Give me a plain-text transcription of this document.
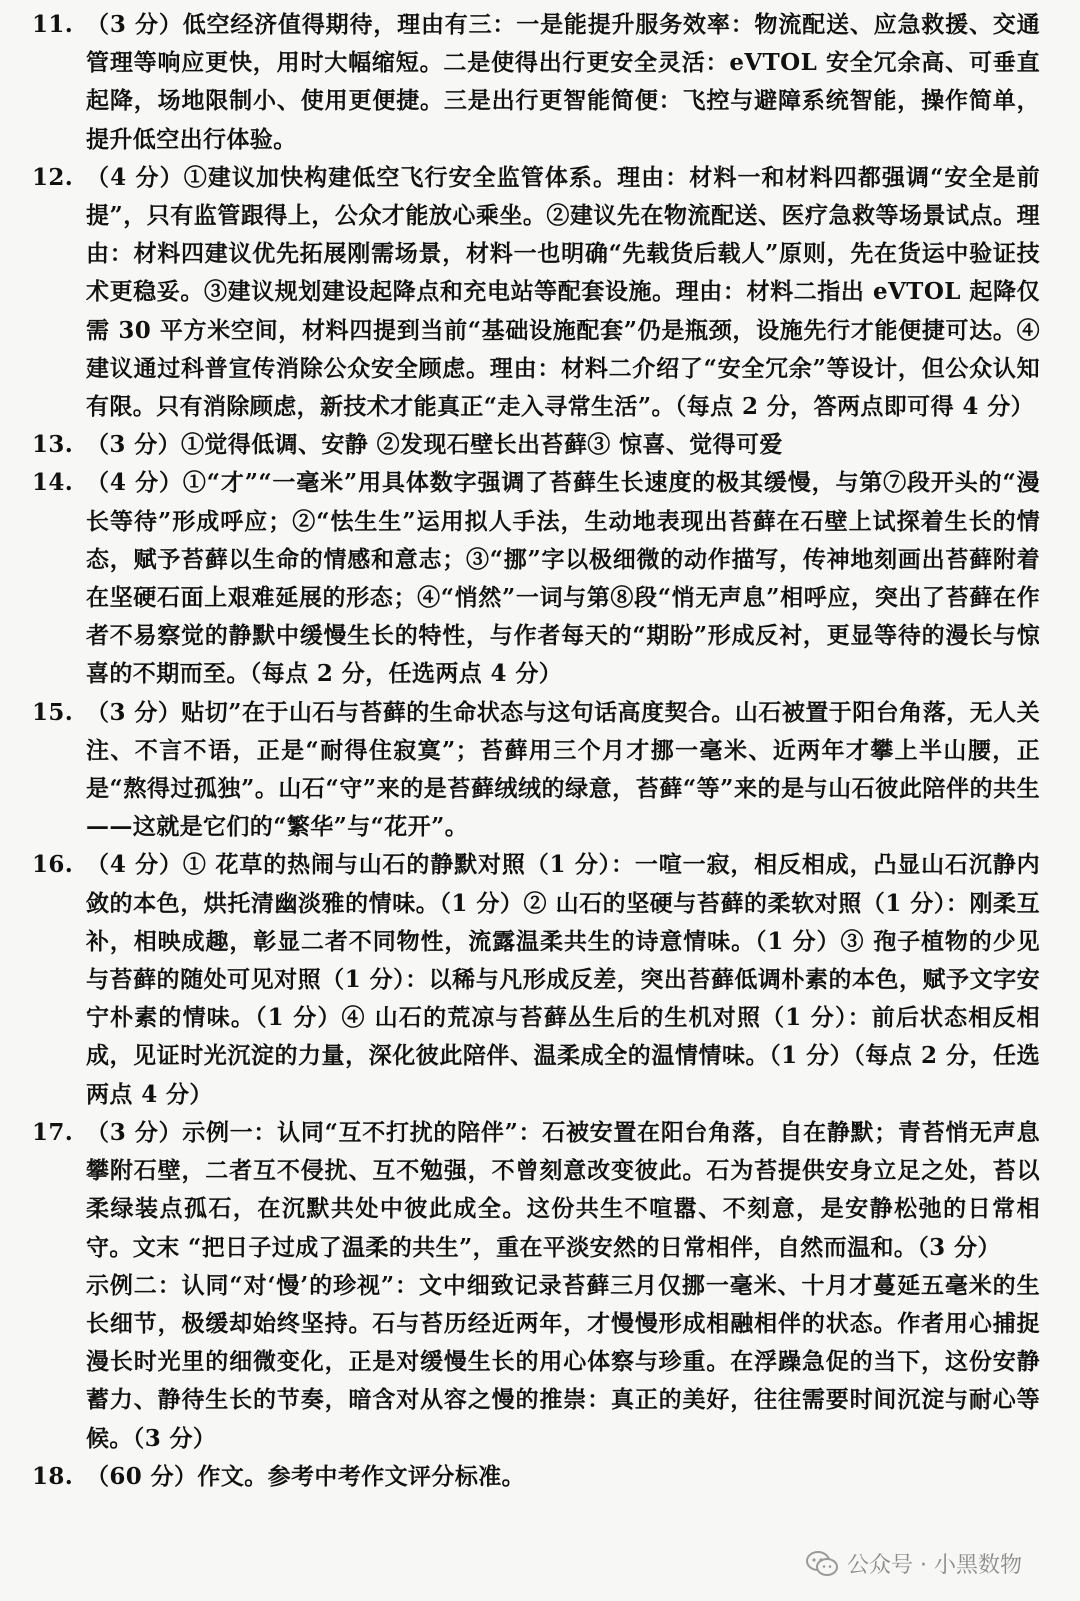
11. （3 分）低空经济值得期待，理由有三：一是能提升服务效率：物流配送、应急救援、交通管理等响应更快，用时大幅缩短。二是使得出行更安全灵活：eVTOL 安全冗余高、可垂直起降，场地限制小、使用更便捷。三是出行更智能简便：飞控与避障系统智能，操作简单，提升低空出行体验。
12. （4 分）①建议加快构建低空飞行安全监管体系。理由：材料一和材料四都强调“安全是前提”，只有监管跟得上，公众才能放心乘坐。②建议先在物流配送、医疗急救等场景试点。理由：材料四建议优先拓展刚需场景，材料一也明确“先载货后载人”原则，先在货运中验证技术更稳妥。③建议规划建设起降点和充电站等配套设施。理由：材料二指出 eVTOL 起降仅需 30 平方米空间，材料四提到当前“基础设施配套”仍是瓶颈，设施先行才能便捷可达。④建议通过科普宣传消除公众安全顾虑。理由：材料二介绍了“安全冗余”等设计，但公众认知有限。只有消除顾虑，新技术才能真正“走入寻常生活”。（每点 2 分，答两点即可得 4 分）
13. （3 分）①觉得低调、安静 ②发现石壁长出苔藓③ 惊喜、觉得可爱
14. （4 分）①“才”“一毫米”用具体数字强调了苔藓生长速度的极其缓慢，与第⑦段开头的“漫长等待”形成呼应；②“怯生生”运用拟人手法，生动地表现出苔藓在石壁上试探着生长的情态，赋予苔藓以生命的情感和意志；③“挪”字以极细微的动作描写，传神地刻画出苔藓附着在坚硬石面上艰难延展的形态；④“悄然”一词与第⑧段“悄无声息”相呼应，突出了苔藓在作者不易察觉的静默中缓慢生长的特性，与作者每天的“期盼”形成反衬，更显等待的漫长与惊喜的不期而至。（每点 2 分，任选两点 4 分）
15. （3 分）贴切”在于山石与苔藓的生命状态与这句话高度契合。山石被置于阳台角落，无人关注、不言不语，正是“耐得住寂寞”；苔藓用三个月才挪一毫米、近两年才攀上半山腰，正是“熬得过孤独”。山石“守”来的是苔藓绒绒的绿意，苔藓“等”来的是与山石彼此陪伴的共生——这就是它们的“繁华”与“花开”。
16. （4 分）① 花草的热闹与山石的静默对照（1 分）：一喧一寂，相反相成，凸显山石沉静内敛的本色，烘托清幽淡雅的情味。（1 分）② 山石的坚硬与苔藓的柔软对照（1 分）：刚柔互补，相映成趣，彰显二者不同物性，流露温柔共生的诗意情味。（1 分）③ 孢子植物的少见与苔藓的随处可见对照（1 分）：以稀与凡形成反差，突出苔藓低调朴素的本色，赋予文字安宁朴素的情味。（1 分）④ 山石的荒凉与苔藓丛生后的生机对照（1 分）：前后状态相反相成，见证时光沉淀的力量，深化彼此陪伴、温柔成全的温情情味。（1 分）（每点 2 分，任选两点 4 分）
17. （3 分）示例一：认同“互不打扰的陪伴”：石被安置在阳台角落，自在静默；青苔悄无声息攀附石壁，二者互不侵扰、互不勉强，不曾刻意改变彼此。石为苔提供安身立足之处，苔以柔绿装点孤石，在沉默共处中彼此成全。这份共生不喧嚣、不刻意，是安静松弛的日常相守。文末 “把日子过成了温柔的共生”，重在平淡安然的日常相伴，自然而温和。（3 分）
示例二：认同“对‘慢’的珍视”：文中细致记录苔藓三月仅挪一毫米、十月才蔓延五毫米的生长细节，极缓却始终坚持。石与苔历经近两年，才慢慢形成相融相伴的状态。作者用心捕捉漫长时光里的细微变化，正是对缓慢生长的用心体察与珍重。在浮躁急促的当下，这份安静蓄力、静待生长的节奏，暗含对从容之慢的推崇：真正的美好，往往需要时间沉淀与耐心等候。（3 分）
18. （60 分）作文。参考中考作文评分标准。
公众号 · 小黑数物
